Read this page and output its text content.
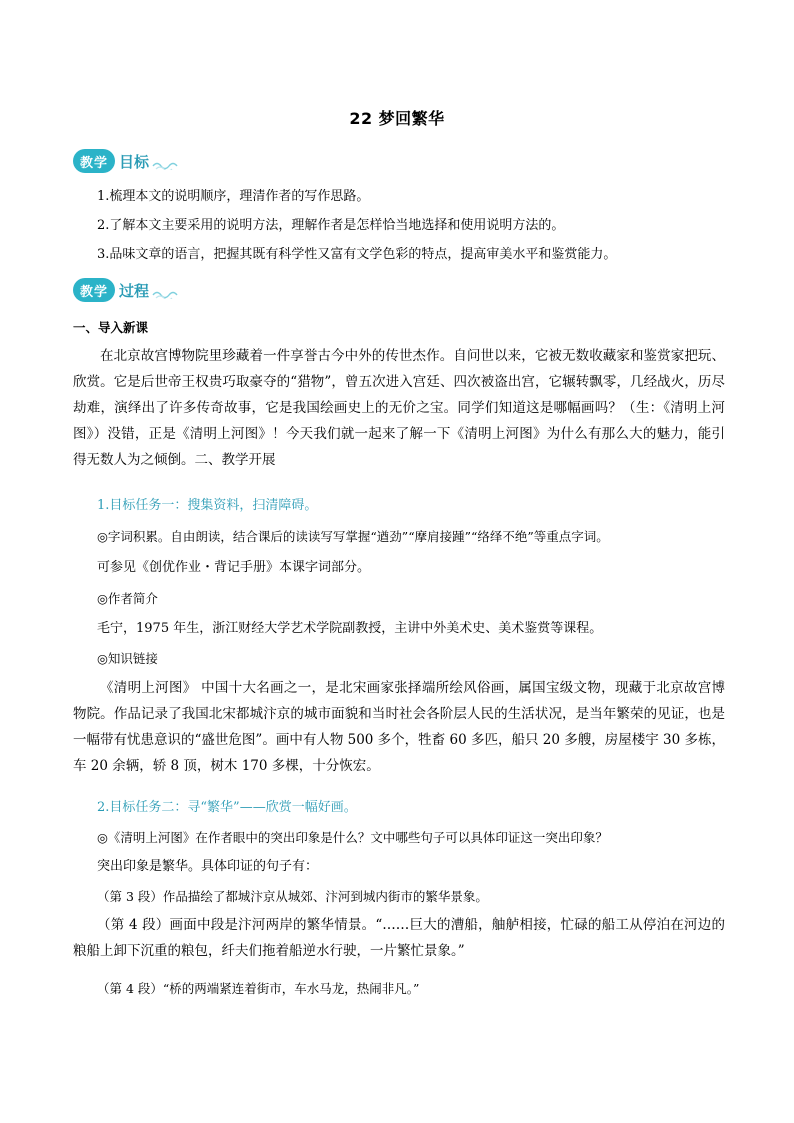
22 梦回繁华
教学 目标
1.梳理本文的说明顺序，理清作者的写作思路。
2.了解本文主要采用的说明方法，理解作者是怎样恰当地选择和使用说明方法的。
3.品味文章的语言，把握其既有科学性又富有文学色彩的特点，提高审美水平和鉴赏能力。
教学 过程
一、导入新课
在北京故宫博物院里珍藏着一件享誉古今中外的传世杰作。自问世以来，它被无数收藏家和鉴赏家把玩、欣赏。它是后世帝王权贵巧取豪夺的“猎物”，曾五次进入宫廷、四次被盗出宫，它辗转飘零，几经战火，历尽劫难，演绎出了许多传奇故事，它是我国绘画史上的无价之宝。同学们知道这是哪幅画吗？（生：《清明上河图》）没错，正是《清明上河图》！今天我们就一起来了解一下《清明上河图》为什么有那么大的魅力，能引得无数人为之倾倒。二、教学开展
1.目标任务一：搜集资料，扫清障碍。
◎字词积累。自由朗读，结合课后的读读写写掌握“遒劲”“摩肩接踵”“络绎不绝”等重点字词。
可参见《创优作业・背记手册》本课字词部分。
◎作者简介
毛宁，1975 年生，浙江财经大学艺术学院副教授，主讲中外美术史、美术鉴赏等课程。
◎知识链接
《清明上河图》 中国十大名画之一，是北宋画家张择端所绘风俗画，属国宝级文物，现藏于北京故宫博物院。作品记录了我国北宋都城汴京的城市面貌和当时社会各阶层人民的生活状况，是当年繁荣的见证，也是一幅带有忧患意识的“盛世危图”。画中有人物 500 多个，牲畜 60 多匹，船只 20 多艘，房屋楼宇 30 多栋，车 20 余辆，轿 8 顶，树木 170 多棵，十分恢宏。
2.目标任务二：寻“繁华”——欣赏一幅好画。
◎《清明上河图》在作者眼中的突出印象是什么？文中哪些句子可以具体印证这一突出印象？
突出印象是繁华。具体印证的句子有：
（第 3 段）作品描绘了都城汴京从城郊、汴河到城内街市的繁华景象。
（第 4 段）画面中段是汴河两岸的繁华情景。“……巨大的漕船，舳舻相接，忙碌的船工从停泊在河边的粮船上卸下沉重的粮包，纤夫们拖着船逆水行驶，一片繁忙景象。”
（第 4 段）“桥的两端紧连着街市，车水马龙，热闹非凡。”
